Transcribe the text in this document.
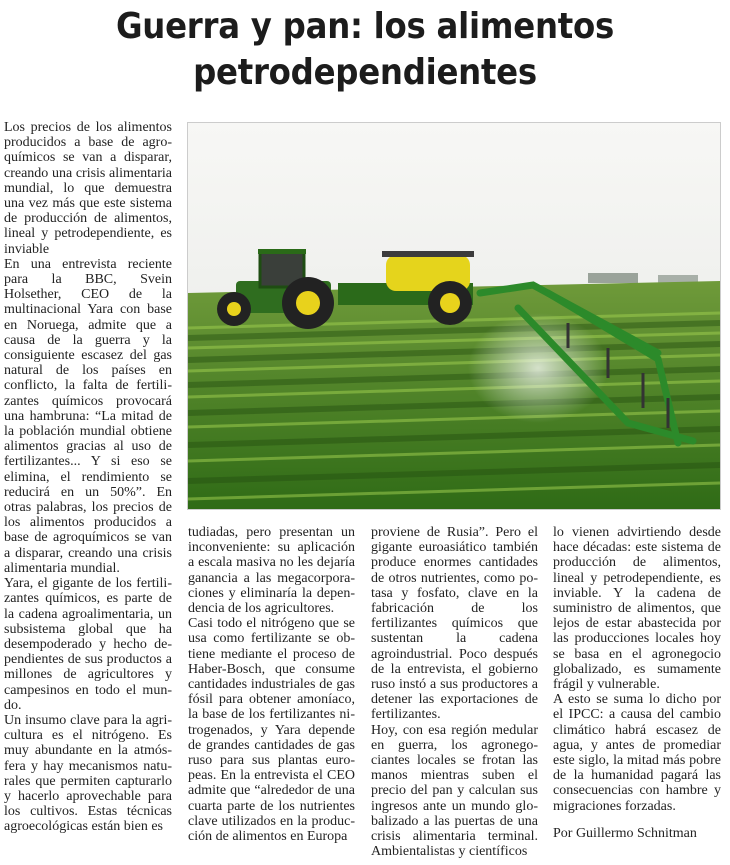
Guerra y pan: los alimentos
petrodependientes

Los precios de los alimentos producidos a base de agroquímicos se van a disparar, creando una crisis alimentaria mundial, lo que demuestra una vez más que este sistema de producción de alimentos, lineal y petrodependiente, es inviable

En una entrevista reciente para la BBC, Svein Holsether, CEO de la multinacional Yara con base en Noruega, admite que a causa de la guerra y la consiguiente escasez del gas natural de los países en conflicto, la falta de fertilizantes químicos provocará una hambruna: “La mitad de la población mundial obtiene alimentos gracias al uso de fertilizantes... Y si eso se elimina, el rendimiento se reducirá en un 50%”. En otras palabras, los precios de los alimentos producidos a base de agroquímicos se van a disparar, creando una crisis alimentaria mundial.

Yara, el gigante de los fertilizantes químicos, es parte de la cadena agroalimentaria, un subsistema global que ha desempoderado y hecho dependientes de sus productos a millones de agricultores y campesinos en todo el mundo.

Un insumo clave para la agricultura es el nitrógeno. Es muy abundante en la atmósfera y hay mecanismos naturales que permiten capturarlo y hacerlo aprovechable para los cultivos. Estas técnicas agroecológicas están bien es

tudiadas, pero presentan un inconveniente: su aplicación a escala masiva no les dejaría ganancia a las megacorporaciones y eliminaría la dependencia de los agricultores.

Casi todo el nitrógeno que se usa como fertilizante se obtiene mediante el proceso de Haber-Bosch, que consume cantidades industriales de gas fósil para obtener amoníaco, la base de los fertilizantes nitrogenados, y Yara depende de grandes cantidades de gas ruso para sus plantas europeas. En la entrevista el CEO admite que “alrededor de una cuarta parte de los nutrientes clave utilizados en la producción de alimentos en Europa

proviene de Rusia”. Pero el gigante euroasiático también produce enormes cantidades de otros nutrientes, como potasa y fosfato, clave en la fabricación de los fertilizantes químicos que sustentan la cadena agroindustrial. Poco después de la entrevista, el gobierno ruso instó a sus productores a detener las exportaciones de fertilizantes.

Hoy, con esa región medular en guerra, los agronegociantes locales se frotan las manos mientras suben el precio del pan y calculan sus ingresos ante un mundo globalizado a las puertas de una crisis alimentaria terminal. Ambientalistas y científicos

lo vienen advirtiendo desde hace décadas: este sistema de producción de alimentos, lineal y petrodependiente, es inviable. Y la cadena de suministro de alimentos, que lejos de estar abastecida por las producciones locales hoy se basa en el agronegocio globalizado, es sumamente frágil y vulnerable.

A esto se suma lo dicho por el IPCC: a causa del cambio climático habrá escasez de agua, y antes de promediar este siglo, la mitad más pobre de la humanidad pagará las consecuencias con hambre y migraciones forzadas.

Por Guillermo Schnitman
